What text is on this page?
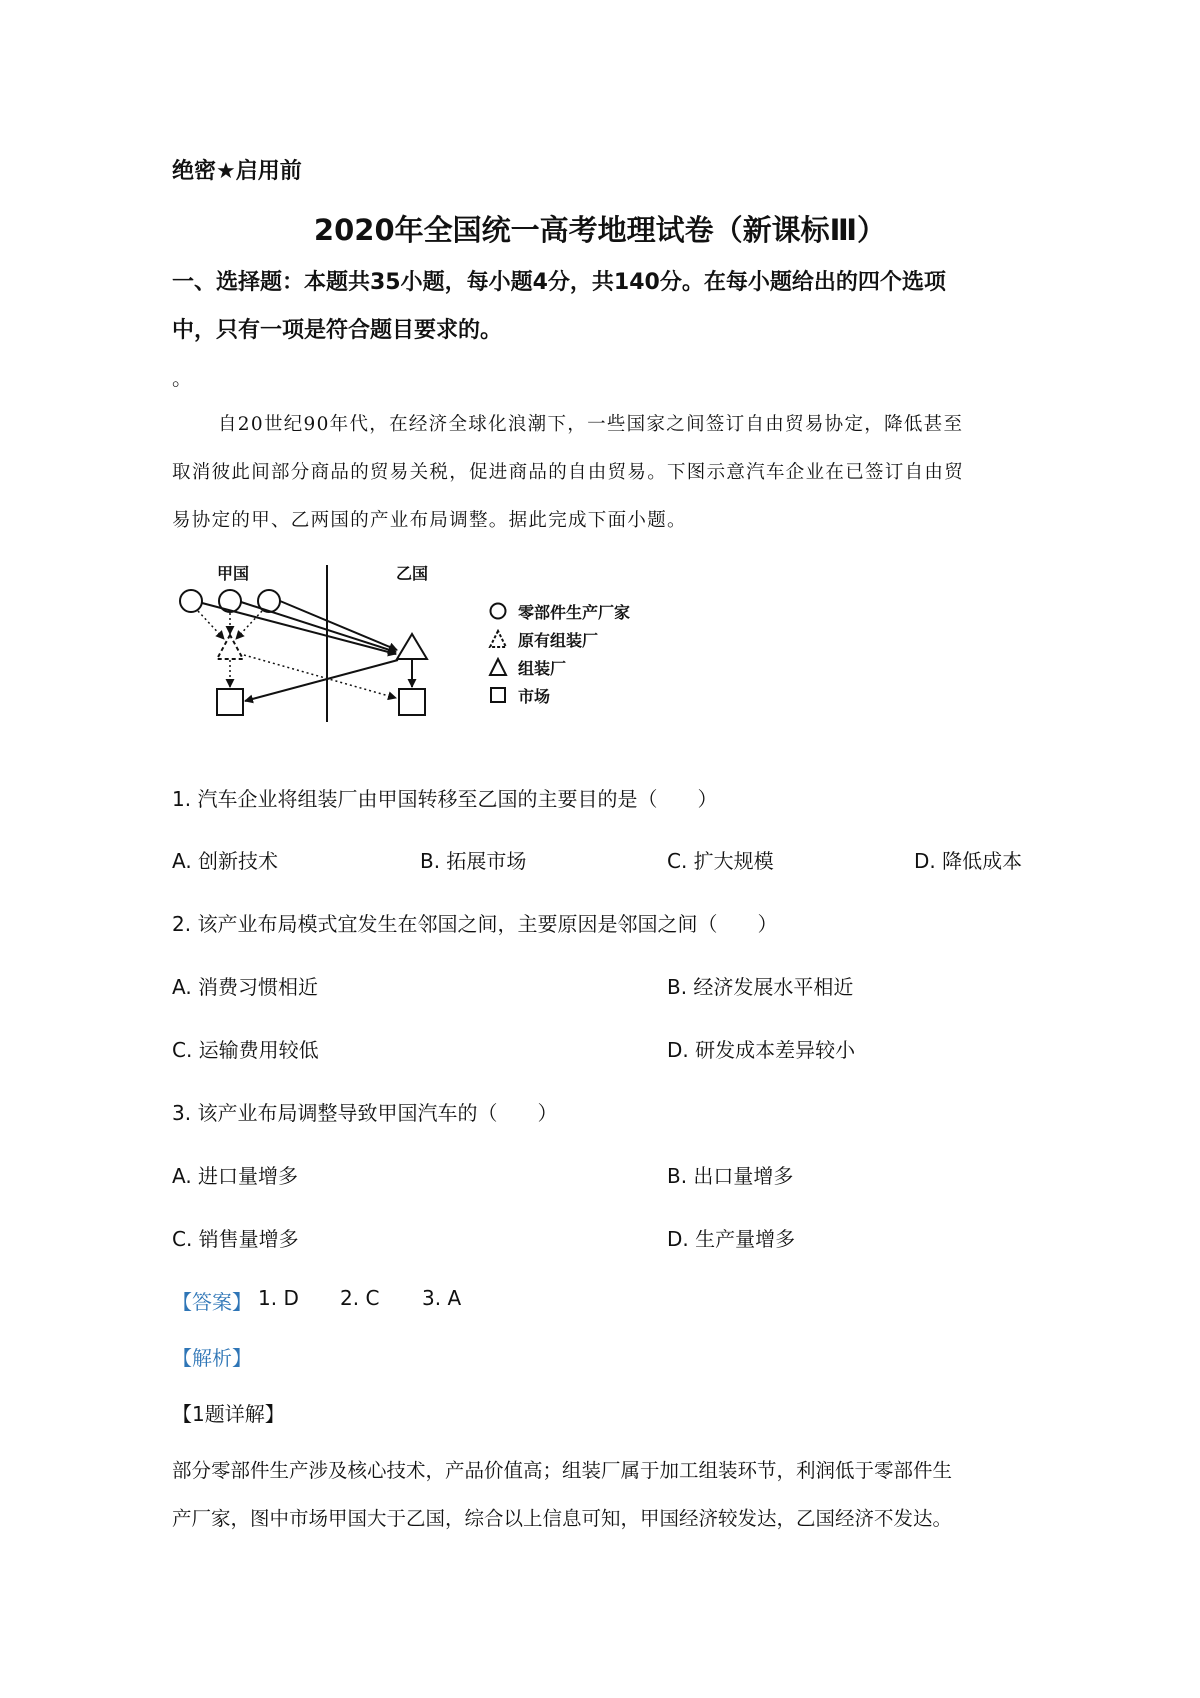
绝密★启用前
2020年全国统一高考地理试卷（新课标Ⅲ）
一、选择题：本题共35小题，每小题4分，共140分。在每小题给出的四个选项
中，只有一项是符合题目要求的。
。
自20世纪90年代，在经济全球化浪潮下，一些国家之间签订自由贸易协定，降低甚至
取消彼此间部分商品的贸易关税，促进商品的自由贸易。下图示意汽车企业在已签订自由贸
易协定的甲、乙两国的产业布局调整。据此完成下面小题。
甲国	乙国
零部件生产厂家
原有组装厂
组装厂
市场
1. 汽车企业将组装厂由甲国转移至乙国的主要目的是（　　）
A. 创新技术	B. 拓展市场	C. 扩大规模	D. 降低成本
2. 该产业布局模式宜发生在邻国之间，主要原因是邻国之间（　　）
A. 消费习惯相近	B. 经济发展水平相近
C. 运输费用较低	D. 研发成本差异较小
3. 该产业布局调整导致甲国汽车的（　　）
A. 进口量增多	B. 出口量增多
C. 销售量增多	D. 生产量增多
【答案】 1. D 2. C 3. A
【解析】
【1题详解】
部分零部件生产涉及核心技术，产品价值高；组装厂属于加工组装环节，利润低于零部件生
产厂家，图中市场甲国大于乙国，综合以上信息可知，甲国经济较发达，乙国经济不发达。
